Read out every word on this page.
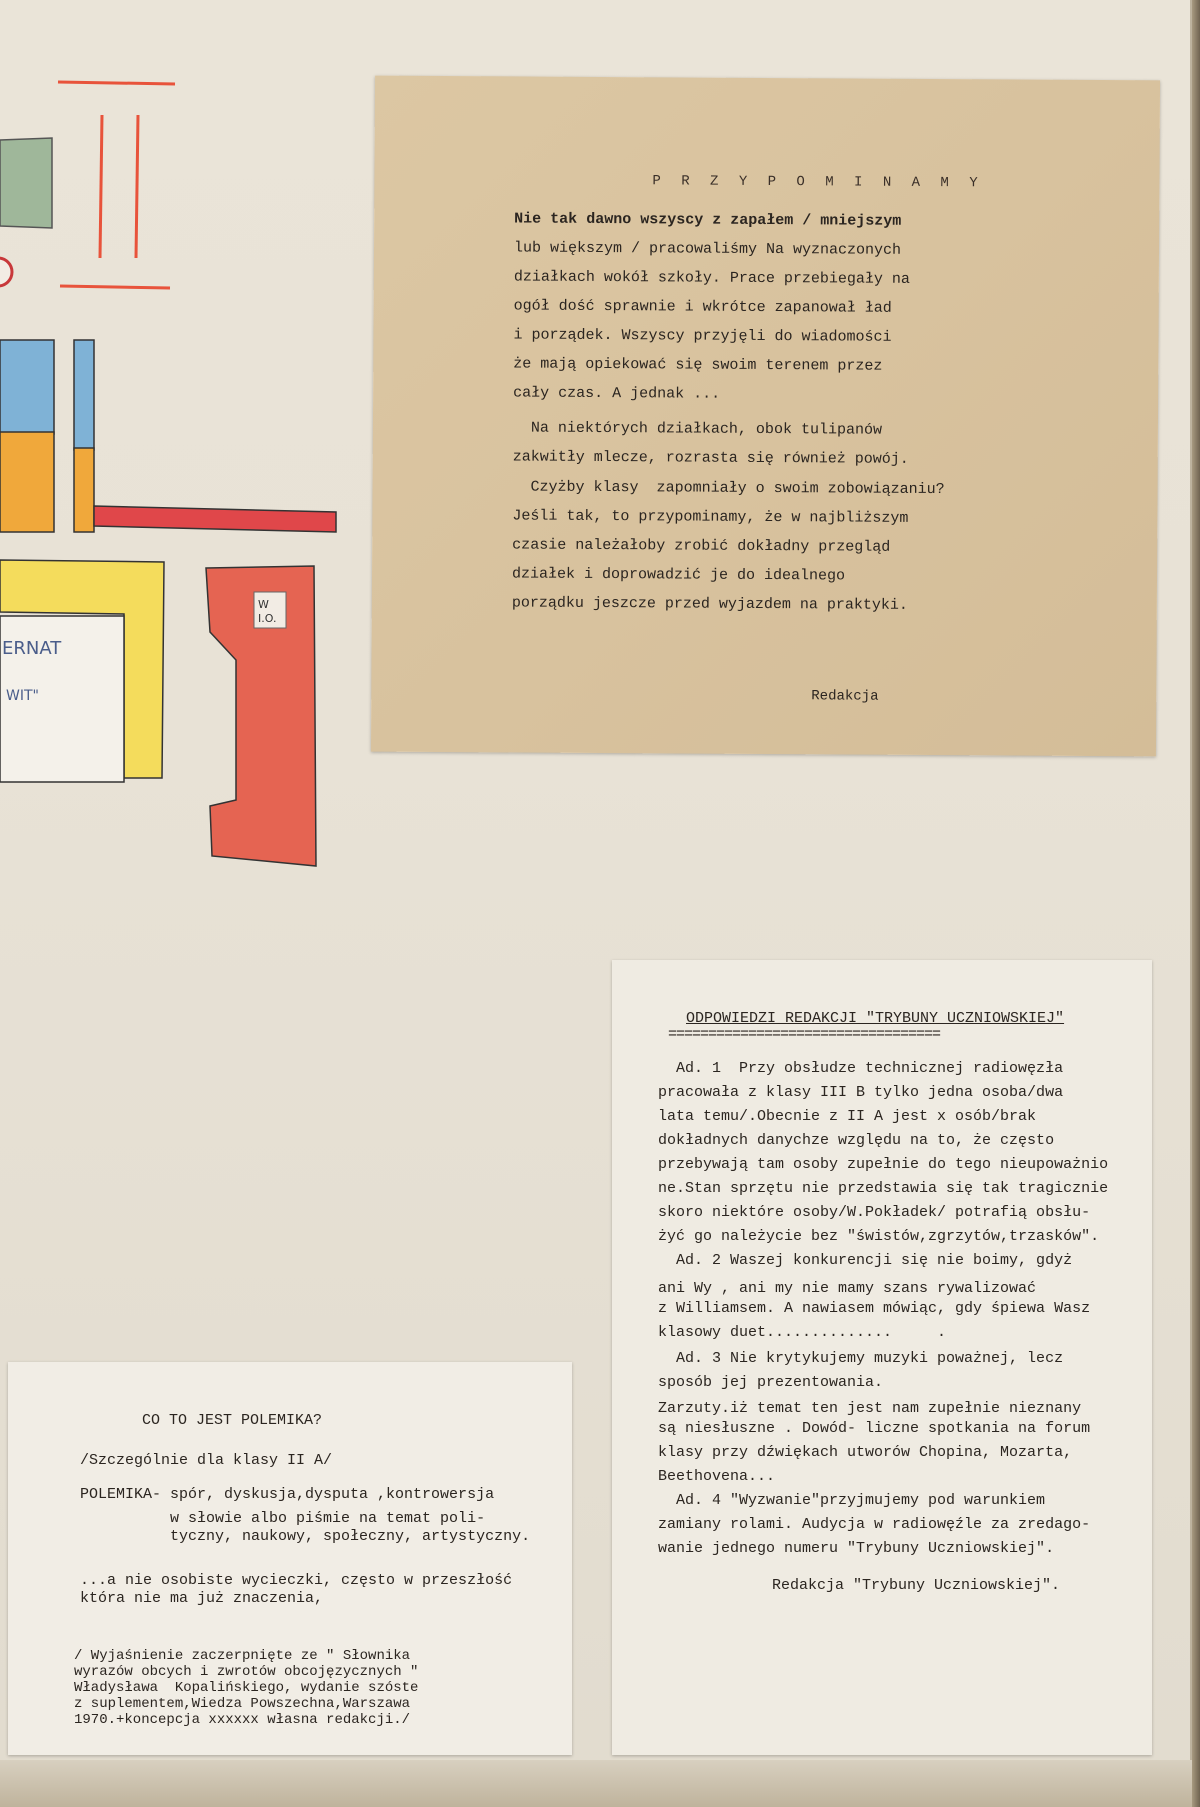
ERNAT
WIT"
W
I.O.
P R Z Y P O M I N A M Y
Nie tak dawno wszyscy z zapałem / mniejszym
lub większym / pracowaliśmy Na wyznaczonych
działkach wokół szkoły. Prace przebiegały na
ogół dość sprawnie i wkrótce zapanował ład
i porządek. Wszyscy przyjęli do wiadomości
że mają opiekować się swoim terenem przez
cały czas. A jednak ...
Na niektórych działkach, obok tulipanów
zakwitły mlecze, rozrasta się również powój.
Czyżby klasy  zapomniały o swoim zobowiązaniu?
Jeśli tak, to przypominamy, że w najbliższym
czasie należałoby zrobić dokładny przegląd
działek i doprowadzić je do idealnego
porządku jeszcze przed wyjazdem na praktyki.
Redakcja
ODPOWIEDZI REDAKCJI "TRYBUNY UCZNIOWSKIEJ"
==================================
Ad. 1  Przy obsłudze technicznej radiowęzła
pracowała z klasy III B tylko jedna osoba/dwa
lata temu/.Obecnie z II A jest x osób/brak
dokładnych danychze względu na to, że często
przebywają tam osoby zupełnie do tego nieupoważnio
ne.Stan sprzętu nie przedstawia się tak tragicznie
skoro niektóre osoby/W.Pokładek/ potrafią obsłu-
żyć go należycie bez "świstów,zgrzytów,trzasków".
Ad. 2 Waszej konkurencji się nie boimy, gdyż
ani Wy , ani my nie mamy szans rywalizować
z Williamsem. A nawiasem mówiąc, gdy śpiewa Wasz
klasowy duet..............     .
Ad. 3 Nie krytykujemy muzyki poważnej, lecz
sposób jej prezentowania.
Zarzuty.iż temat ten jest nam zupełnie nieznany
są niesłuszne . Dowód- liczne spotkania na forum
klasy przy dźwiękach utworów Chopina, Mozarta,
Beethovena...
Ad. 4 "Wyzwanie"przyjmujemy pod warunkiem
zamiany rolami. Audycja w radiowęźle za zredago-
wanie jednego numeru "Trybuny Uczniowskiej".
Redakcja "Trybuny Uczniowskiej".
CO TO JEST POLEMIKA?
/Szczególnie dla klasy II A/
POLEMIKA- spór, dyskusja,dysputa ,kontrowersja
w słowie albo piśmie na temat poli-
tyczny, naukowy, społeczny, artystyczny.
...a nie osobiste wycieczki, często w przeszłość
która nie ma już znaczenia,
/ Wyjaśnienie zaczerpnięte ze " Słownika
wyrazów obcych i zwrotów obcojęzycznych "
Władysława  Kopalińskiego, wydanie szóste
z suplementem,Wiedza Powszechna,Warszawa
1970.+koncepcja xxxxxx własna redakcji./
